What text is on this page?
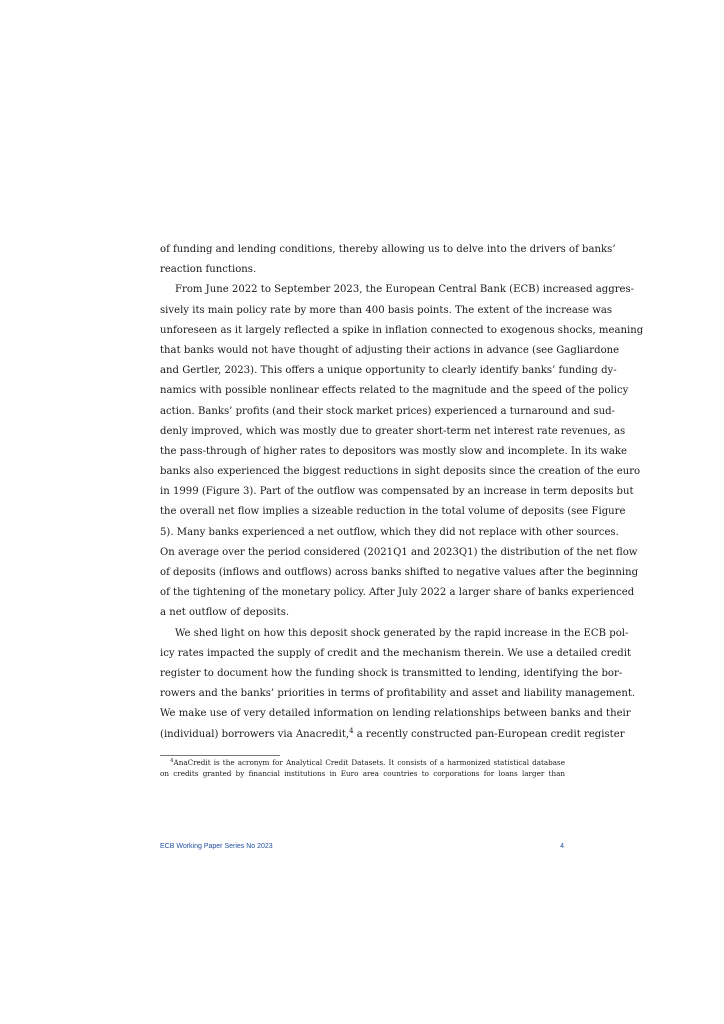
of funding and lending conditions, thereby allowing us to delve into the drivers of banks’
reaction functions.
From June 2022 to September 2023, the European Central Bank (ECB) increased aggres-
sively its main policy rate by more than 400 basis points. The extent of the increase was
unforeseen as it largely reflected a spike in inflation connected to exogenous shocks, meaning
that banks would not have thought of adjusting their actions in advance (see Gagliardone
and Gertler, 2023). This offers a unique opportunity to clearly identify banks’ funding dy-
namics with possible nonlinear effects related to the magnitude and the speed of the policy
action. Banks’ profits (and their stock market prices) experienced a turnaround and sud-
denly improved, which was mostly due to greater short-term net interest rate revenues, as
the pass-through of higher rates to depositors was mostly slow and incomplete. In its wake
banks also experienced the biggest reductions in sight deposits since the creation of the euro
in 1999 (Figure 3). Part of the outflow was compensated by an increase in term deposits but
the overall net flow implies a sizeable reduction in the total volume of deposits (see Figure
5). Many banks experienced a net outflow, which they did not replace with other sources.
On average over the period considered (2021Q1 and 2023Q1) the distribution of the net flow
of deposits (inflows and outflows) across banks shifted to negative values after the beginning
of the tightening of the monetary policy. After July 2022 a larger share of banks experienced
a net outflow of deposits.
We shed light on how this deposit shock generated by the rapid increase in the ECB pol-
icy rates impacted the supply of credit and the mechanism therein. We use a detailed credit
register to document how the funding shock is transmitted to lending, identifying the bor-
rowers and the banks’ priorities in terms of profitability and asset and liability management.
We make use of very detailed information on lending relationships between banks and their
(individual) borrowers via Anacredit,$^4$ a recently constructed pan-European credit register
$^4$AnaCredit is the acronym for Analytical Credit Datasets. It consists of a harmonized statistical database
on credits granted by financial institutions in Euro area countries to corporations for loans larger than
ECB Working Paper Series No 2023	4
